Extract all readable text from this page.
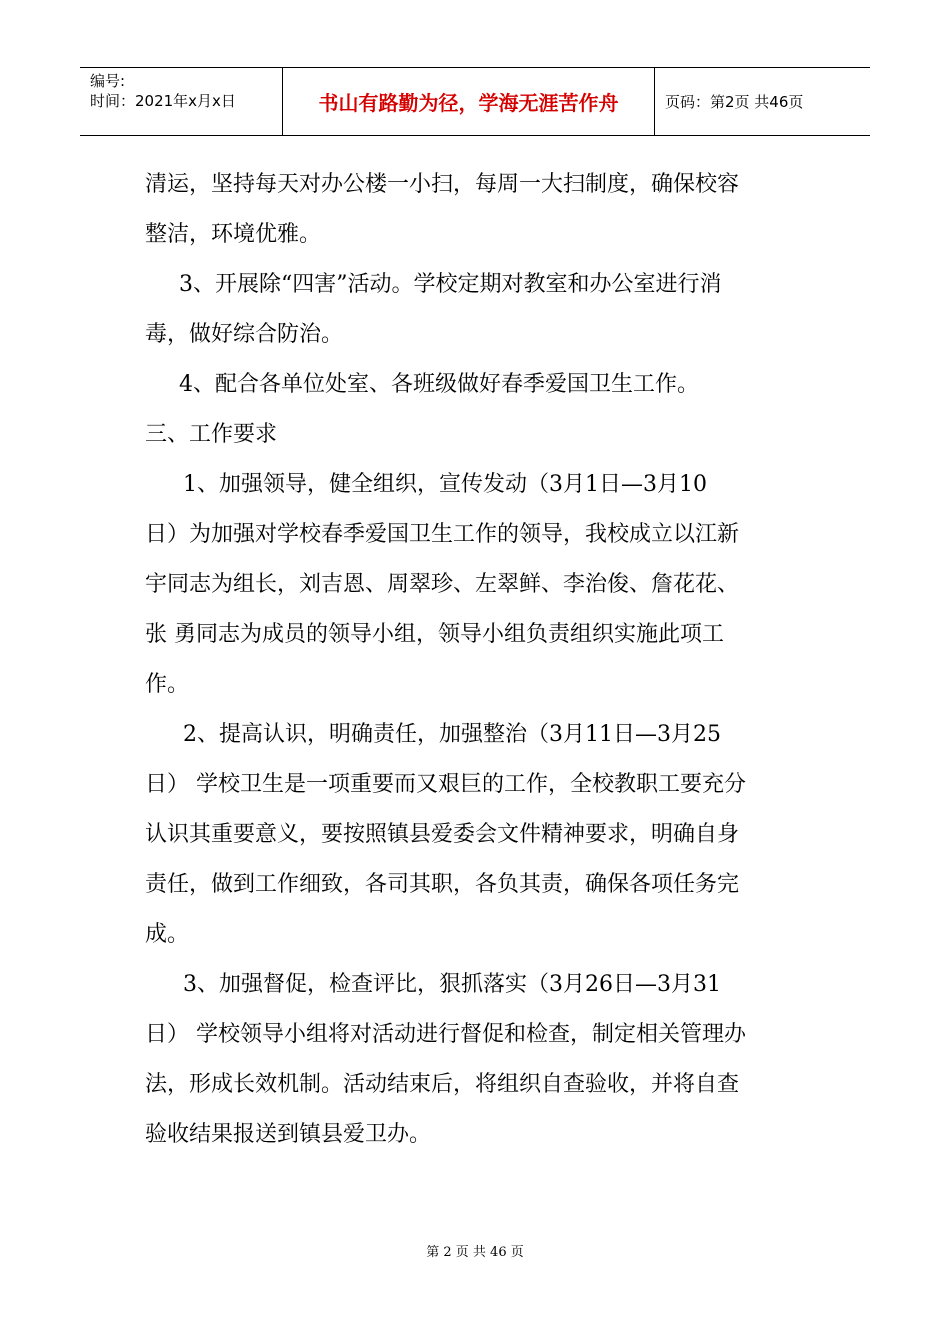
编号:
时间：2021年x月x日	书山有路勤为径，学海无涯苦作舟	页码：第2页 共46页

清运，坚持每天对办公楼一小扫，每周一大扫制度，确保校容

整洁，环境优雅。

3、开展除“四害”活动。学校定期对教室和办公室进行消

毒，做好综合防治。

4、配合各单位处室、各班级做好春季爱国卫生工作。

三、工作要求

1、加强领导，健全组织，宣传发动（3月1日—3月10

日）为加强对学校春季爱国卫生工作的领导，我校成立以江新

宇同志为组长，刘吉恩、周翠珍、左翠鲜、李治俊、詹花花、

张 勇同志为成员的领导小组，领导小组负责组织实施此项工

作。

2、提高认识，明确责任，加强整治（3月11日—3月25

日） 学校卫生是一项重要而又艰巨的工作，全校教职工要充分

认识其重要意义，要按照镇县爱委会文件精神要求，明确自身

责任，做到工作细致，各司其职，各负其责，确保各项任务完

成。

3、加强督促，检查评比，狠抓落实（3月26日—3月31

日） 学校领导小组将对活动进行督促和检查，制定相关管理办

法，形成长效机制。活动结束后，将组织自查验收，并将自查

验收结果报送到镇县爱卫办。

第 2 页 共 46 页
